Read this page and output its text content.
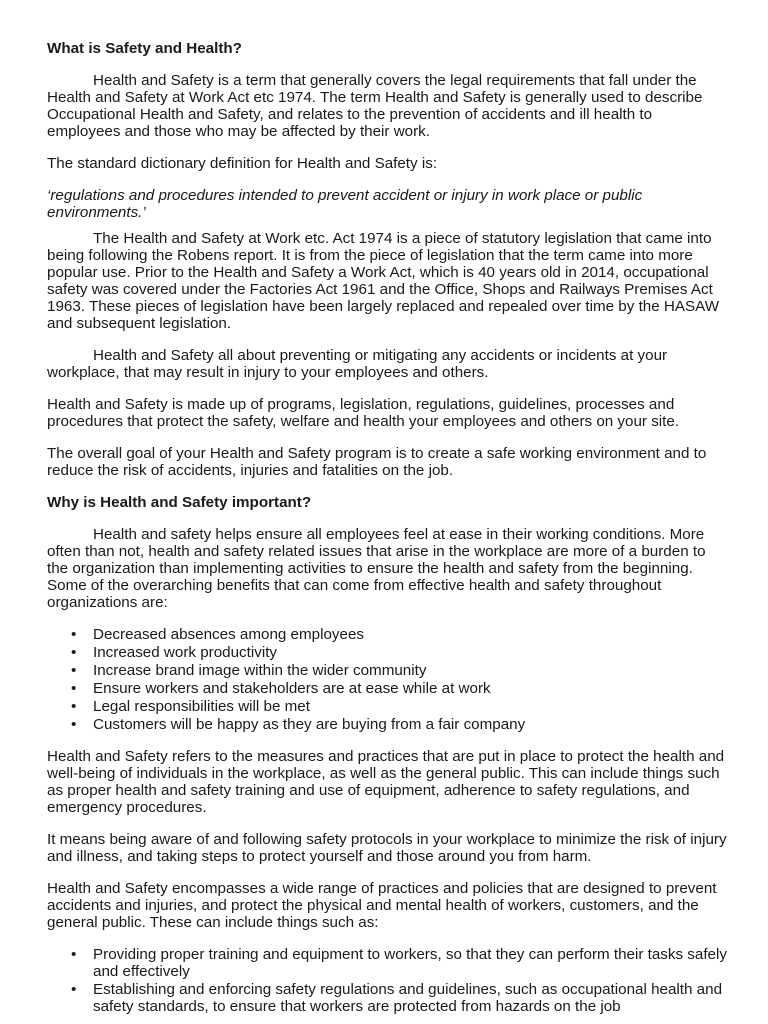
What is Safety and Health?

Health and Safety is a term that generally covers the legal requirements that fall under the Health and Safety at Work Act etc 1974. The term Health and Safety is generally used to describe Occupational Health and Safety, and relates to the prevention of accidents and ill health to employees and those who may be affected by their work.

The standard dictionary definition for Health and Safety is:

‘regulations and procedures intended to prevent accident or injury in work place or public environments.’

The Health and Safety at Work etc. Act 1974 is a piece of statutory legislation that came into being following the Robens report. It is from the piece of legislation that the term came into more popular use. Prior to the Health and Safety a Work Act, which is 40 years old in 2014, occupational safety was covered under the Factories Act 1961 and the Office, Shops and Railways Premises Act 1963. These pieces of legislation have been largely replaced and repealed over time by the HASAW and subsequent legislation.

Health and Safety all about preventing or mitigating any accidents or incidents at your workplace, that may result in injury to your employees and others.

Health and Safety is made up of programs, legislation, regulations, guidelines, processes and procedures that protect the safety, welfare and health your employees and others on your site.

The overall goal of your Health and Safety program is to create a safe working environment and to reduce the risk of accidents, injuries and fatalities on the job.

Why is Health and Safety important?

Health and safety helps ensure all employees feel at ease in their working conditions. More often than not, health and safety related issues that arise in the workplace are more of a burden to the organization than implementing activities to ensure the health and safety from the beginning. Some of the overarching benefits that can come from effective health and safety throughout organizations are:

• Decreased absences among employees
• Increased work productivity
• Increase brand image within the wider community
• Ensure workers and stakeholders are at ease while at work
• Legal responsibilities will be met
• Customers will be happy as they are buying from a fair company

Health and Safety refers to the measures and practices that are put in place to protect the health and well-being of individuals in the workplace, as well as the general public. This can include things such as proper health and safety training and use of equipment, adherence to safety regulations, and emergency procedures.

It means being aware of and following safety protocols in your workplace to minimize the risk of injury and illness, and taking steps to protect yourself and those around you from harm.

Health and Safety encompasses a wide range of practices and policies that are designed to prevent accidents and injuries, and protect the physical and mental health of workers, customers, and the general public. These can include things such as:

• Providing proper training and equipment to workers, so that they can perform their tasks safely and effectively
• Establishing and enforcing safety regulations and guidelines, such as occupational health and safety standards, to ensure that workers are protected from hazards on the job
